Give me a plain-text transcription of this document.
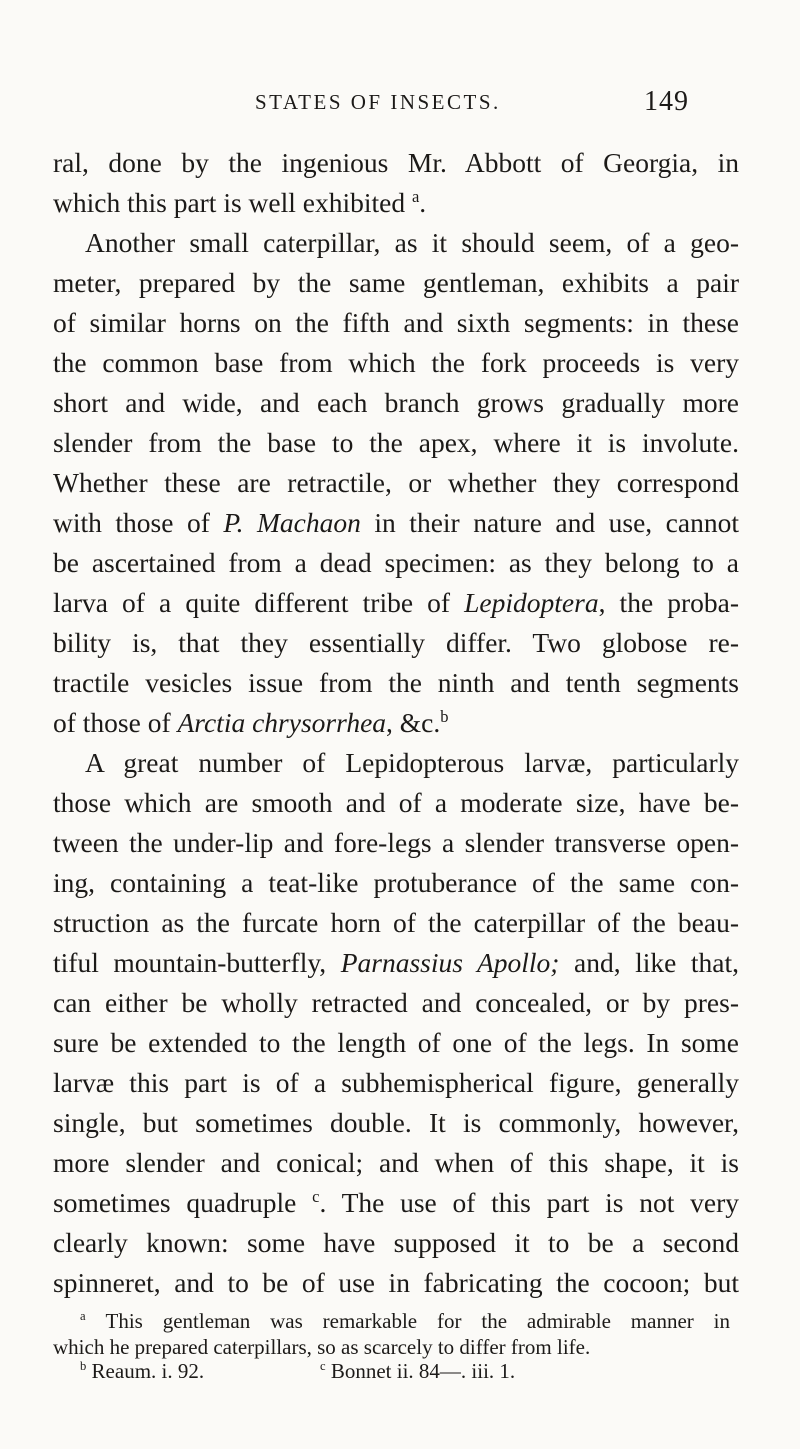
STATES OF INSECTS.	149
ral, done by the ingenious Mr. Abbott of Georgia, in
which this part is well exhibited $^a$.
Another small caterpillar, as it should seem, of a geo-
meter, prepared by the same gentleman, exhibits a pair
of similar horns on the fifth and sixth segments: in these
the common base from which the fork proceeds is very
short and wide, and each branch grows gradually more
slender from the base to the apex, where it is involute.
Whether these are retractile, or whether they correspond
with those of P. Machaon in their nature and use, cannot
be ascertained from a dead specimen: as they belong to a
larva of a quite different tribe of Lepidoptera, the proba-
bility is, that they essentially differ. Two globose re-
tractile vesicles issue from the ninth and tenth segments
of those of Arctia chrysorrhea, &c.$^b$
A great number of Lepidopterous larvæ, particularly
those which are smooth and of a moderate size, have be-
tween the under-lip and fore-legs a slender transverse open-
ing, containing a teat-like protuberance of the same con-
struction as the furcate horn of the caterpillar of the beau-
tiful mountain-butterfly, Parnassius Apollo; and, like that,
can either be wholly retracted and concealed, or by pres-
sure be extended to the length of one of the legs. In some
larvæ this part is of a subhemispherical figure, generally
single, but sometimes double. It is commonly, however,
more slender and conical; and when of this shape, it is
sometimes quadruple $^c$. The use of this part is not very
clearly known: some have supposed it to be a second
spinneret, and to be of use in fabricating the cocoon; but
$^a$ This gentleman was remarkable for the admirable manner in
which he prepared caterpillars, so as scarcely to differ from life.
$^b$ Reaum. i. 92.	$^c$ Bonnet ii. 84—. iii. 1.
